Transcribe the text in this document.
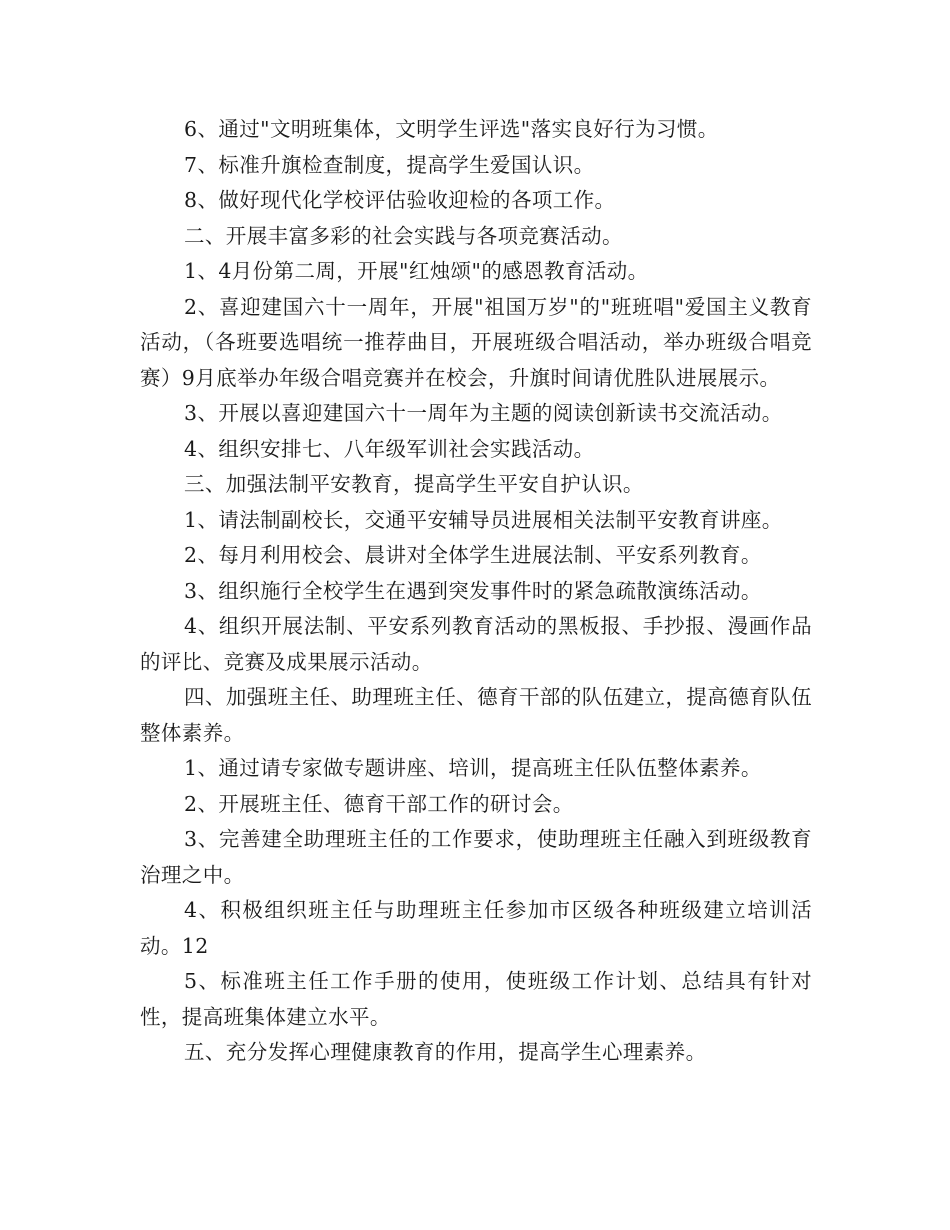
6、通过"文明班集体，文明学生评选"落实良好行为习惯。

7、标准升旗检查制度，提高学生爱国认识。

8、做好现代化学校评估验收迎检的各项工作。

二、开展丰富多彩的社会实践与各项竞赛活动。

1、4月份第二周，开展"红烛颂"的感恩教育活动。

2、喜迎建国六十一周年，开展"祖国万岁"的"班班唱"爱国主义教育活动，（各班要选唱统一推荐曲目，开展班级合唱活动，举办班级合唱竞赛）9月底举办年级合唱竞赛并在校会，升旗时间请优胜队进展展示。

3、开展以喜迎建国六十一周年为主题的阅读创新读书交流活动。

4、组织安排七、八年级军训社会实践活动。

三、加强法制平安教育，提高学生平安自护认识。

1、请法制副校长，交通平安辅导员进展相关法制平安教育讲座。

2、每月利用校会、晨讲对全体学生进展法制、平安系列教育。

3、组织施行全校学生在遇到突发事件时的紧急疏散演练活动。

4、组织开展法制、平安系列教育活动的黑板报、手抄报、漫画作品的评比、竞赛及成果展示活动。

四、加强班主任、助理班主任、德育干部的队伍建立，提高德育队伍整体素养。

1、通过请专家做专题讲座、培训，提高班主任队伍整体素养。

2、开展班主任、德育干部工作的研讨会。

3、完善建全助理班主任的工作要求，使助理班主任融入到班级教育治理之中。

4、积极组织班主任与助理班主任参加市区级各种班级建立培训活动。12

5、标准班主任工作手册的使用，使班级工作计划、总结具有针对性，提高班集体建立水平。

五、充分发挥心理健康教育的作用，提高学生心理素养。
